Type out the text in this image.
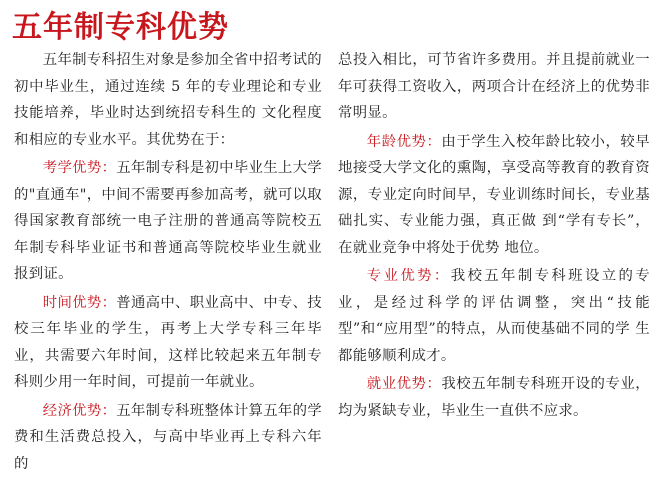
五年制专科优势

五年制专科招生对象是参加全省中招考试的初中毕业生，通过连续 5 年的专业理论和专业技能培养，毕业时达到统招专科生的 文化程度和相应的专业水平。其优势在于：

考学优势：五年制专科是初中毕业生上大学的"直通车"，中间不需要再参加高考，就可以取得国家教育部统一电子注册的普通高等院校五年制专科毕业证书和普通高等院校毕业生就业报到证。

时间优势：普通高中、职业高中、中专、技校三年毕业的学生，再考上大学专科三年毕业，共需要六年时间，这样比较起来五年制专科则少用一年时间，可提前一年就业。

经济优势：五年制专科班整体计算五年的学费和生活费总投入，与高中毕业再上专科六年的

总投入相比，可节省许多费用。并且提前就业一年可获得工资收入，两项合计在经济上的优势非常明显。

年龄优势：由于学生入校年龄比较小，较早地接受大学文化的熏陶，享受高等教育的教育资源，专业定向时间早，专业训练时间长，专业基础扎实、专业能力强，真正做 到“学有专长”，在就业竞争中将处于优势 地位。

专业优势：我校五年制专科班设立的专 业，是经过科学的评估调整，突出“技能型”和“应用型”的特点，从而使基础不同的学 生都能够顺利成才。

就业优势：我校五年制专科班开设的专业，均为紧缺专业，毕业生一直供不应求。
